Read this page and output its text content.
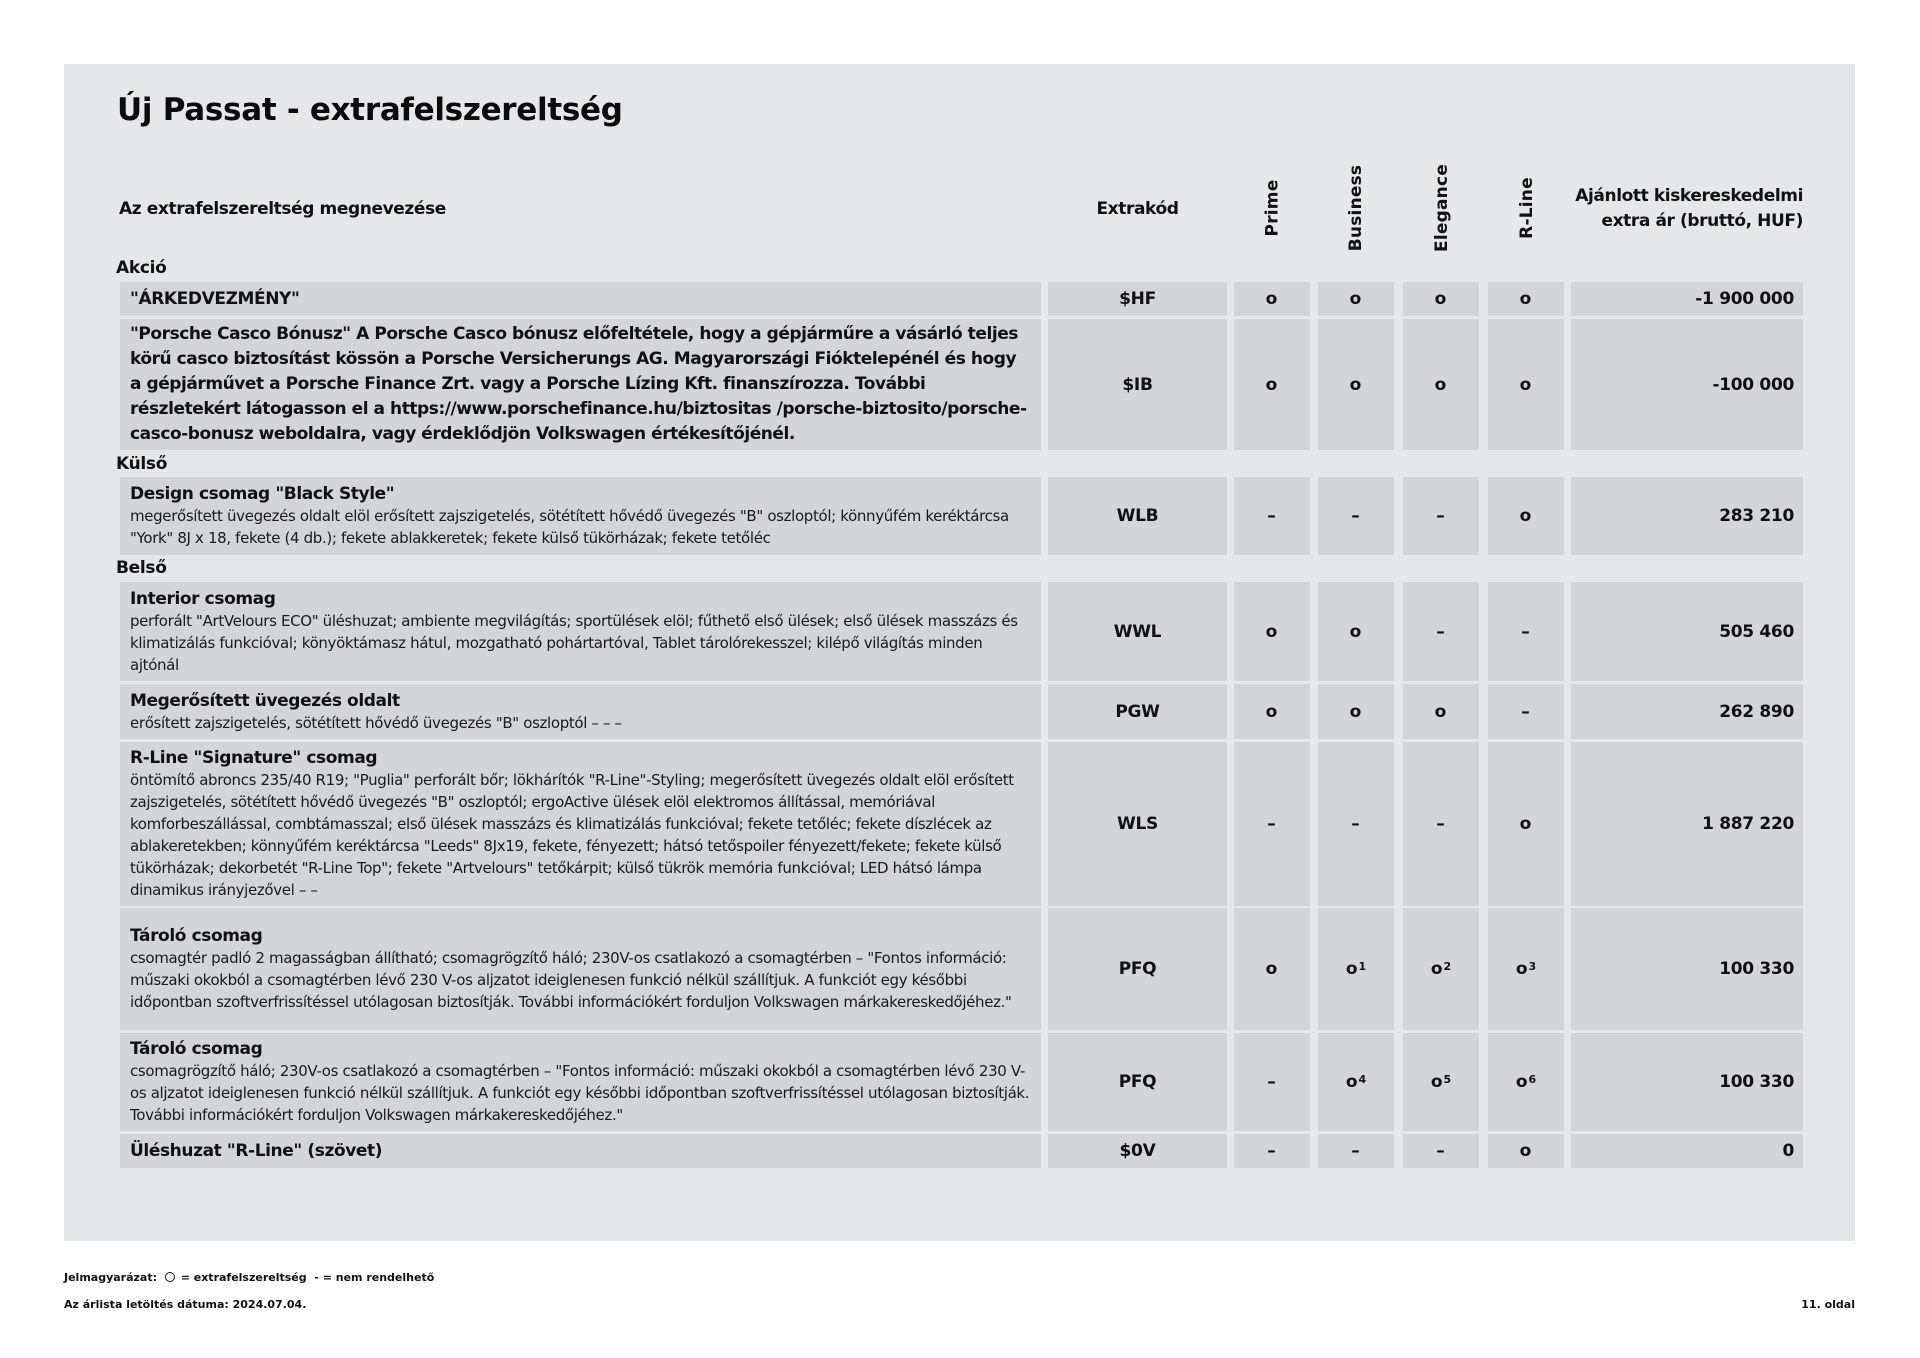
Új Passat - extrafelszereltség
Az extrafelszereltség megnevezése	Extrakód	Prime	Business	Elegance	R-Line Ajánlott kiskereskedelmi
extra ár (bruttó, HUF)
Akció
"ÁRKEDVEZMÉNY"	$HF	o	o	o	o	-1 900 000
"Porsche Casco Bónusz" A Porsche Casco bónusz előfeltétele, hogy a gépjárműre a vásárló teljes körű casco biztosítást kössön a Porsche Versicherungs AG. Magyarországi Fióktelepénél és hogy a gépjárművet a Porsche Finance Zrt. vagy a Porsche Lízing Kft. finanszírozza. További részletekért látogasson el a https://www.porschefinance.hu/biztositas /porsche-biztosito/porsche-casco-bonusz weboldalra, vagy érdeklődjön Volkswagen értékesítőjénél.
$IB	o	o	o	o	-100 000
Külső
Design csomag "Black Style"
megerősített üvegezés oldalt elöl erősített zajszigetelés, sötétített hővédő üvegezés "B" oszloptól; könnyűfém keréktárcsa "York" 8J x 18, fekete (4 db.); fekete ablakkeretek; fekete külső tükörházak; fekete tetőléc
WLB	–	–	–	o	283 210
Belső
Interior csomag
perforált "ArtVelours ECO" üléshuzat; ambiente megvilágítás; sportülések elöl; fűthető első ülések; első ülések masszázs és klimatizálás funkcióval; könyöktámasz hátul, mozgatható pohártartóval, Tablet tárolórekesszel; kilépő világítás minden ajtónál
WWL	o	o	–	–	505 460
Megerősített üvegezés oldalt
erősített zajszigetelés, sötétített hővédő üvegezés "B" oszloptól – – –
PGW	o	o	o	–	262 890
R-Line "Signature" csomag
öntömítő abroncs 235/40 R19; "Puglia" perforált bőr; lökhárítók "R-Line"-Styling; megerősített üvegezés oldalt elöl erősített zajszigetelés, sötétített hővédő üvegezés "B" oszloptól; ergoActive ülések elöl elektromos állítással, memóriával komforbeszállással, combtámasszal; első ülések masszázs és klimatizálás funkcióval; fekete tetőléc; fekete díszlécek az ablakeretekben; könnyűfém keréktárcsa "Leeds" 8Jx19, fekete, fényezett; hátsó tetőspoiler fényezett/fekete; fekete külső tükörházak; dekorbetét "R-Line Top"; fekete "Artvelours" tetőkárpit; külső tükrök memória funkcióval; LED hátsó lámpa dinamikus irányjezővel – –
WLS	–	–	–	o	1 887 220
Tároló csomag
csomagtér padló 2 magasságban állítható; csomagrögzítő háló; 230V-os csatlakozó a csomagtérben – "Fontos információ: műszaki okokból a csomagtérben lévő 230 V-os aljzatot ideiglenesen funkció nélkül szállítjuk. A funkciót egy későbbi időpontban szoftverfrissítéssel utólagosan biztosítják. További információkért forduljon Volkswagen márkakereskedőjéhez."
PFQ	o	$o^1$	$o^2$	$o^3$	100 330
Tároló csomag
csomagrögzítő háló; 230V-os csatlakozó a csomagtérben – "Fontos információ: műszaki okokból a csomagtérben lévő 230 V-os aljzatot ideiglenesen funkció nélkül szállítjuk. A funkciót egy későbbi időpontban szoftverfrissítéssel utólagosan biztosítják. További információkért forduljon Volkswagen márkakereskedőjéhez."
PFQ	–	$o^4$	$o^5$	$o^6$	100 330
Üléshuzat "R-Line" (szövet)	$0V	–	–	–	o	0
Jelmagyarázat: = extrafelszereltség - = nem rendelhető
Az árlista letöltés dátuma: 2024.07.04.	11. oldal
